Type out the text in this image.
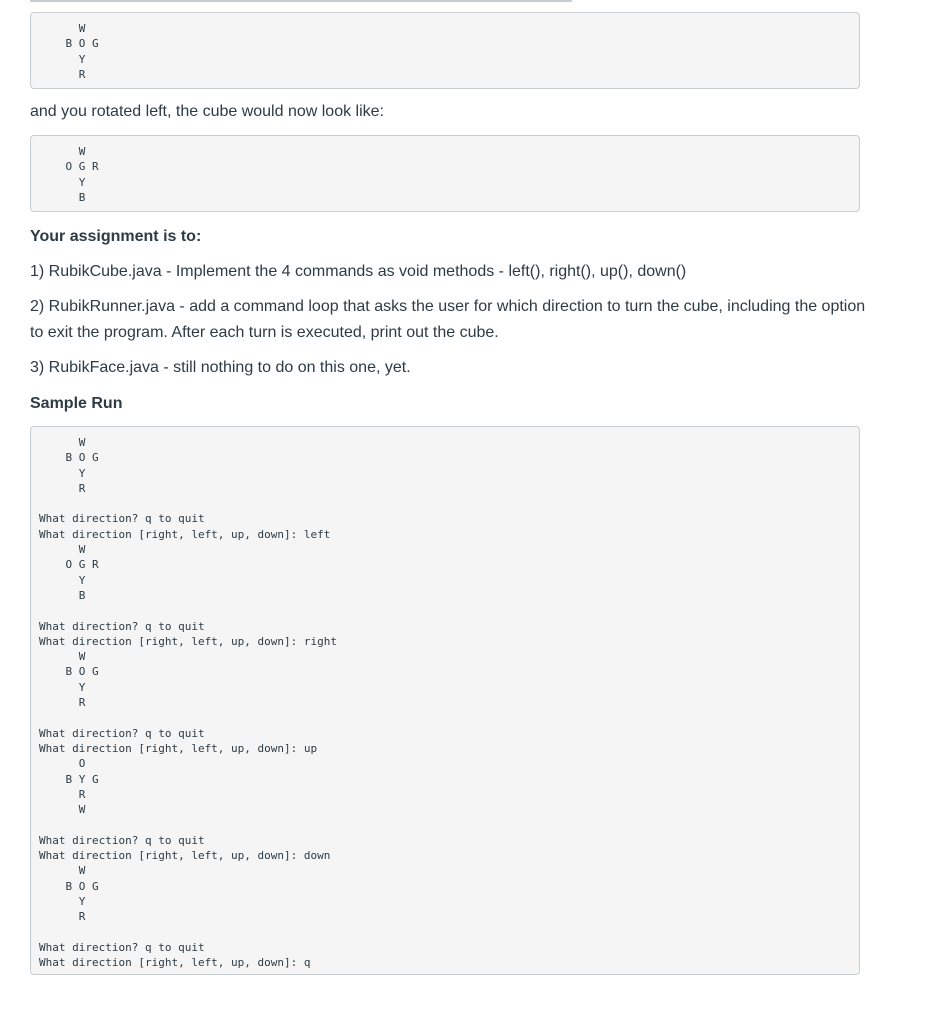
W
B O G
Y
R

and you rotated left, the cube would now look like:

W
O G R
Y
B

Your assignment is to:

1) RubikCube.java - Implement the 4 commands as void methods - left(), right(), up(), down()

2) RubikRunner.java - add a command loop that asks the user for which direction to turn the cube, including the option to exit the program. After each turn is executed, print out the cube.

3) RubikFace.java - still nothing to do on this one, yet.

Sample Run

W
B O G
Y
R

What direction? q to quit
What direction [right, left, up, down]: left
W
O G R
Y
B

What direction? q to quit
What direction [right, left, up, down]: right
W
B O G
Y
R

What direction? q to quit
What direction [right, left, up, down]: up
O
B Y G
R
W

What direction? q to quit
What direction [right, left, up, down]: down
W
B O G
Y
R

What direction? q to quit
What direction [right, left, up, down]: q
